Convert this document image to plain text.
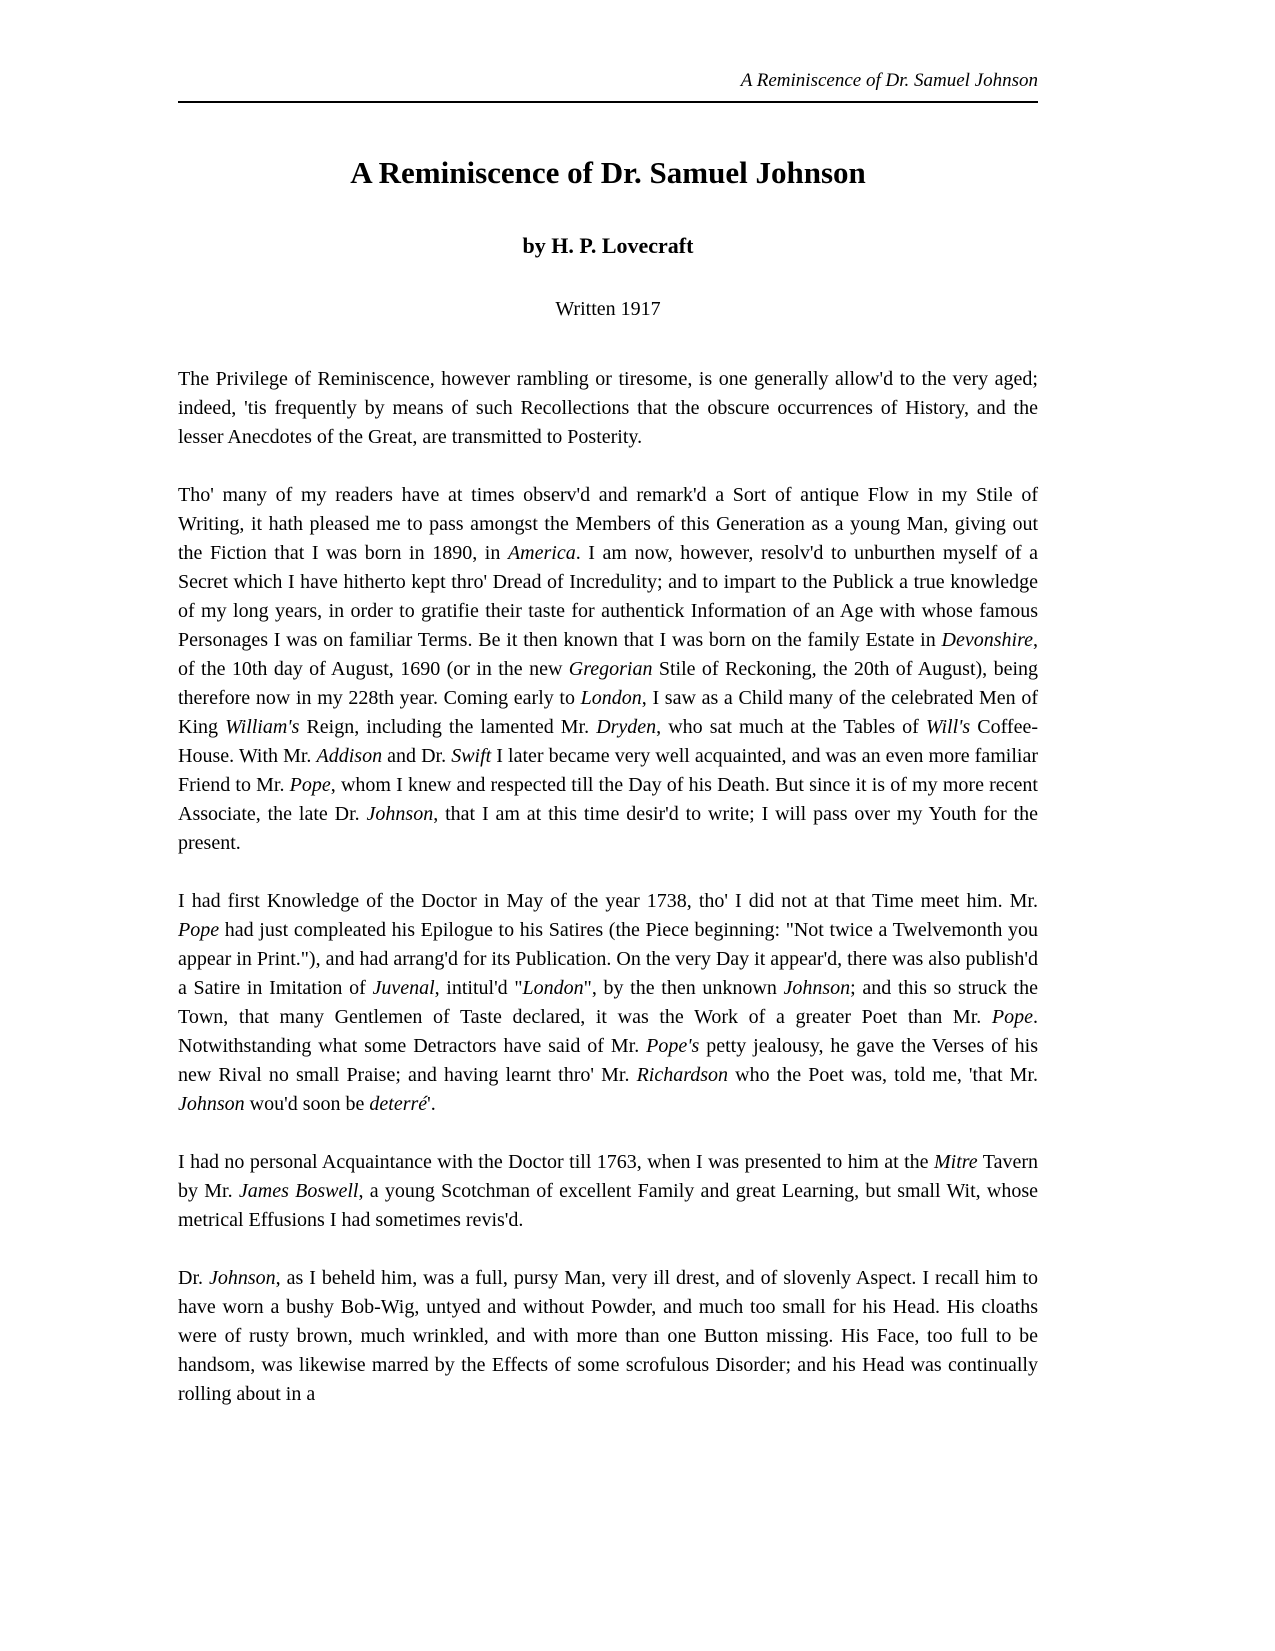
A Reminiscence of Dr. Samuel Johnson
A Reminiscence of Dr. Samuel Johnson
by H. P. Lovecraft
Written 1917

The Privilege of Reminiscence, however rambling or tiresome, is one generally allow'd to the very aged; indeed, 'tis frequently by means of such Recollections that the obscure occurrences of History, and the lesser Anecdotes of the Great, are transmitted to Posterity.

Tho' many of my readers have at times observ'd and remark'd a Sort of antique Flow in my Stile of Writing, it hath pleased me to pass amongst the Members of this Generation as a young Man, giving out the Fiction that I was born in 1890, in America. I am now, however, resolv'd to unburthen myself of a Secret which I have hitherto kept thro' Dread of Incredulity; and to impart to the Publick a true knowledge of my long years, in order to gratifie their taste for authentick Information of an Age with whose famous Personages I was on familiar Terms. Be it then known that I was born on the family Estate in Devonshire, of the 10th day of August, 1690 (or in the new Gregorian Stile of Reckoning, the 20th of August), being therefore now in my 228th year. Coming early to London, I saw as a Child many of the celebrated Men of King William's Reign, including the lamented Mr. Dryden, who sat much at the Tables of Will's Coffee-House. With Mr. Addison and Dr. Swift I later became very well acquainted, and was an even more familiar Friend to Mr. Pope, whom I knew and respected till the Day of his Death. But since it is of my more recent Associate, the late Dr. Johnson, that I am at this time desir'd to write; I will pass over my Youth for the present.

I had first Knowledge of the Doctor in May of the year 1738, tho' I did not at that Time meet him. Mr. Pope had just compleated his Epilogue to his Satires (the Piece beginning: "Not twice a Twelvemonth you appear in Print."), and had arrang'd for its Publication. On the very Day it appear'd, there was also publish'd a Satire in Imitation of Juvenal, intitul'd "London", by the then unknown Johnson; and this so struck the Town, that many Gentlemen of Taste declared, it was the Work of a greater Poet than Mr. Pope. Notwithstanding what some Detractors have said of Mr. Pope's petty jealousy, he gave the Verses of his new Rival no small Praise; and having learnt thro' Mr. Richardson who the Poet was, told me, 'that Mr. Johnson wou'd soon be deterré'.

I had no personal Acquaintance with the Doctor till 1763, when I was presented to him at the Mitre Tavern by Mr. James Boswell, a young Scotchman of excellent Family and great Learning, but small Wit, whose metrical Effusions I had sometimes revis'd.

Dr. Johnson, as I beheld him, was a full, pursy Man, very ill drest, and of slovenly Aspect. I recall him to have worn a bushy Bob-Wig, untyed and without Powder, and much too small for his Head. His cloaths were of rusty brown, much wrinkled, and with more than one Button missing. His Face, too full to be handsom, was likewise marred by the Effects of some scrofulous Disorder; and his Head was continually rolling about in a
